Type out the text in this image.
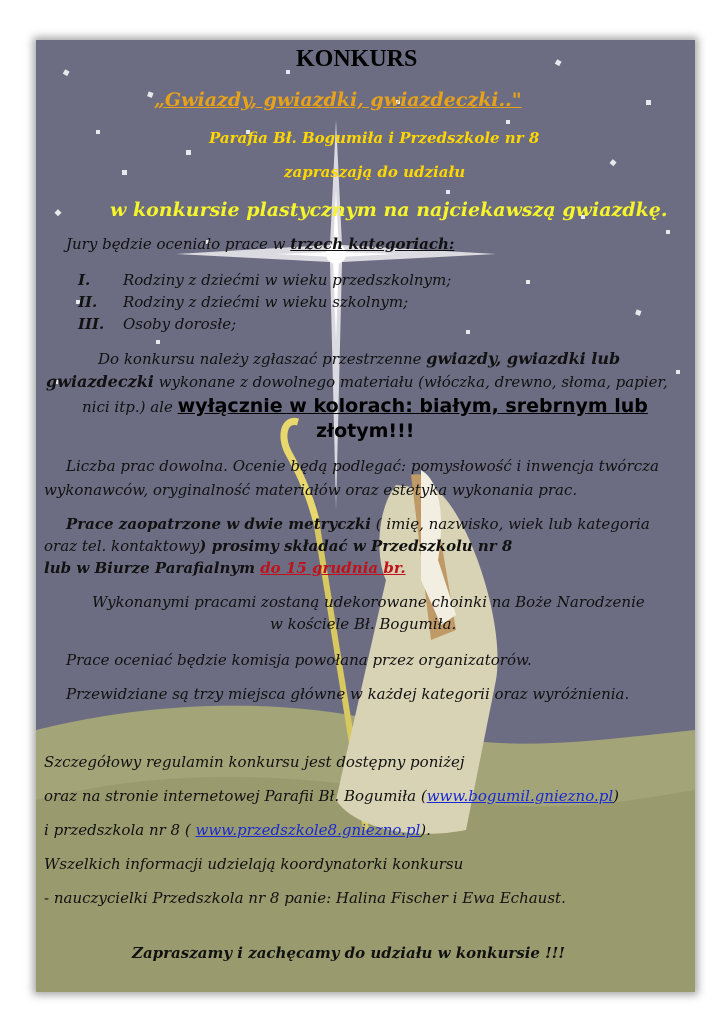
KONKURS
„Gwiazdy, gwiazdki, gwiazdeczki.."
Parafia Bł. Bogumiła i Przedszkole nr 8
zapraszają do udziału
w konkursie plastycznym na najciekawszą gwiazdkę.
Jury będzie oceniało prace w trzech kategoriach:
I. Rodziny z dziećmi w wieku przedszkolnym;
II. Rodziny z dziećmi w wieku szkolnym;
III. Osoby dorosłe;
Do konkursu należy zgłaszać przestrzenne gwiazdy, gwiazdki lub
gwiazdeczki wykonane z dowolnego materiału (włóczka, drewno, słoma, papier,
nici itp.) ale wyłącznie w kolorach: białym, srebrnym lub
złotym!!!
Liczba prac dowolna. Ocenie będą podlegać: pomysłowość i inwencja twórcza
wykonawców, oryginalność materiałów oraz estetyka wykonania prac.
Prace zaopatrzone w dwie metryczki ( imię, nazwisko, wiek lub kategoria
oraz tel. kontaktowy) prosimy składać w Przedszkolu nr 8
lub w Biurze Parafialnym do 15 grudnia br.
Wykonanymi pracami zostaną udekorowane choinki na Boże Narodzenie
w kościele Bł. Bogumiła.
Prace oceniać będzie komisja powołana przez organizatorów.
Przewidziane są trzy miejsca główne w każdej kategorii oraz wyróżnienia.
Szczegółowy regulamin konkursu jest dostępny poniżej
oraz na stronie internetowej Parafii Bł. Bogumiła (www.bogumil.gniezno.pl)
i przedszkola nr 8 ( www.przedszkole8.gniezno.pl).
Wszelkich informacji udzielają koordynatorki konkursu
- nauczycielki Przedszkola nr 8 panie: Halina Fischer i Ewa Echaust.
Zapraszamy i zachęcamy do udziału w konkursie !!!
